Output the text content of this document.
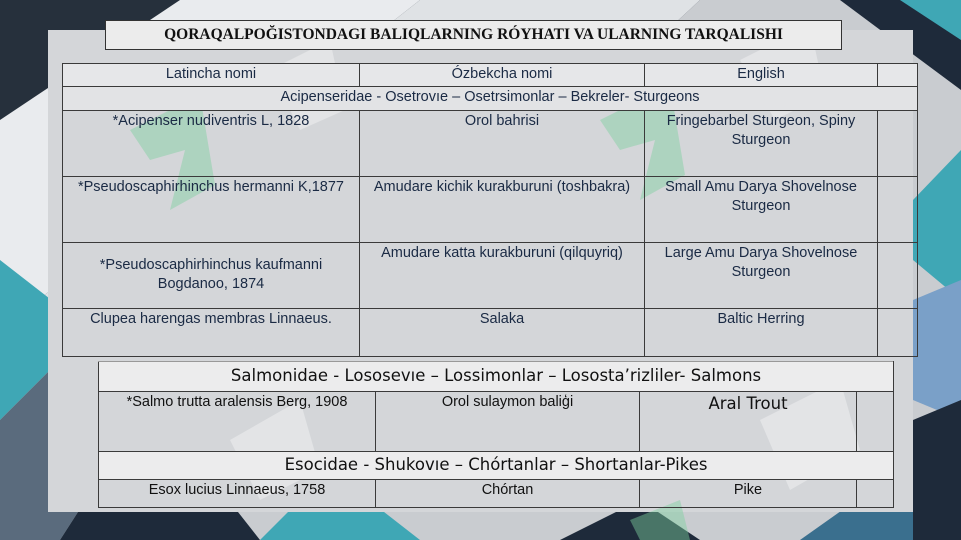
QORAQALPOĞISTONDAGI BALIQLARNING RÓYHATI VA ULARNING TARQALISHI
Latincha nomi	Ózbekcha nomi	English	
Acipenseridae - Osetrovıe – Osetrsimonlar – Bekreler- Sturgeons			
*Acipenser nudiventris L, 1828	Orol bahrisi	Fringebarbel Sturgeon, Spiny Sturgeon	
*Pseudoscaphirhinchus hermanni K,1877	Amudare kichik kurakburuni (toshbakra)	Small Amu Darya Shovelnose Sturgeon	
*Pseudoscaphirhinchus kaufmanni Bogdanoo, 1874	Amudare katta kurakburuni (qilquyriq)	Large Amu Darya Shovelnose Sturgeon	
Clupea harengas membras Linnaeus.	Salaka	Baltic Herring	
Salmonidae - Lososevıe – Lossimonlar – Lososta’rizliler- Salmons			
*Salmo trutta aralensis Berg, 1908	Orol sulaymon baliģi	Aral Trout	
Esocidae - Shukovıe – Chórtanlar – Shortanlar-Pikes			
Esox lucius Linnaeus, 1758	Chórtan	Pike	
